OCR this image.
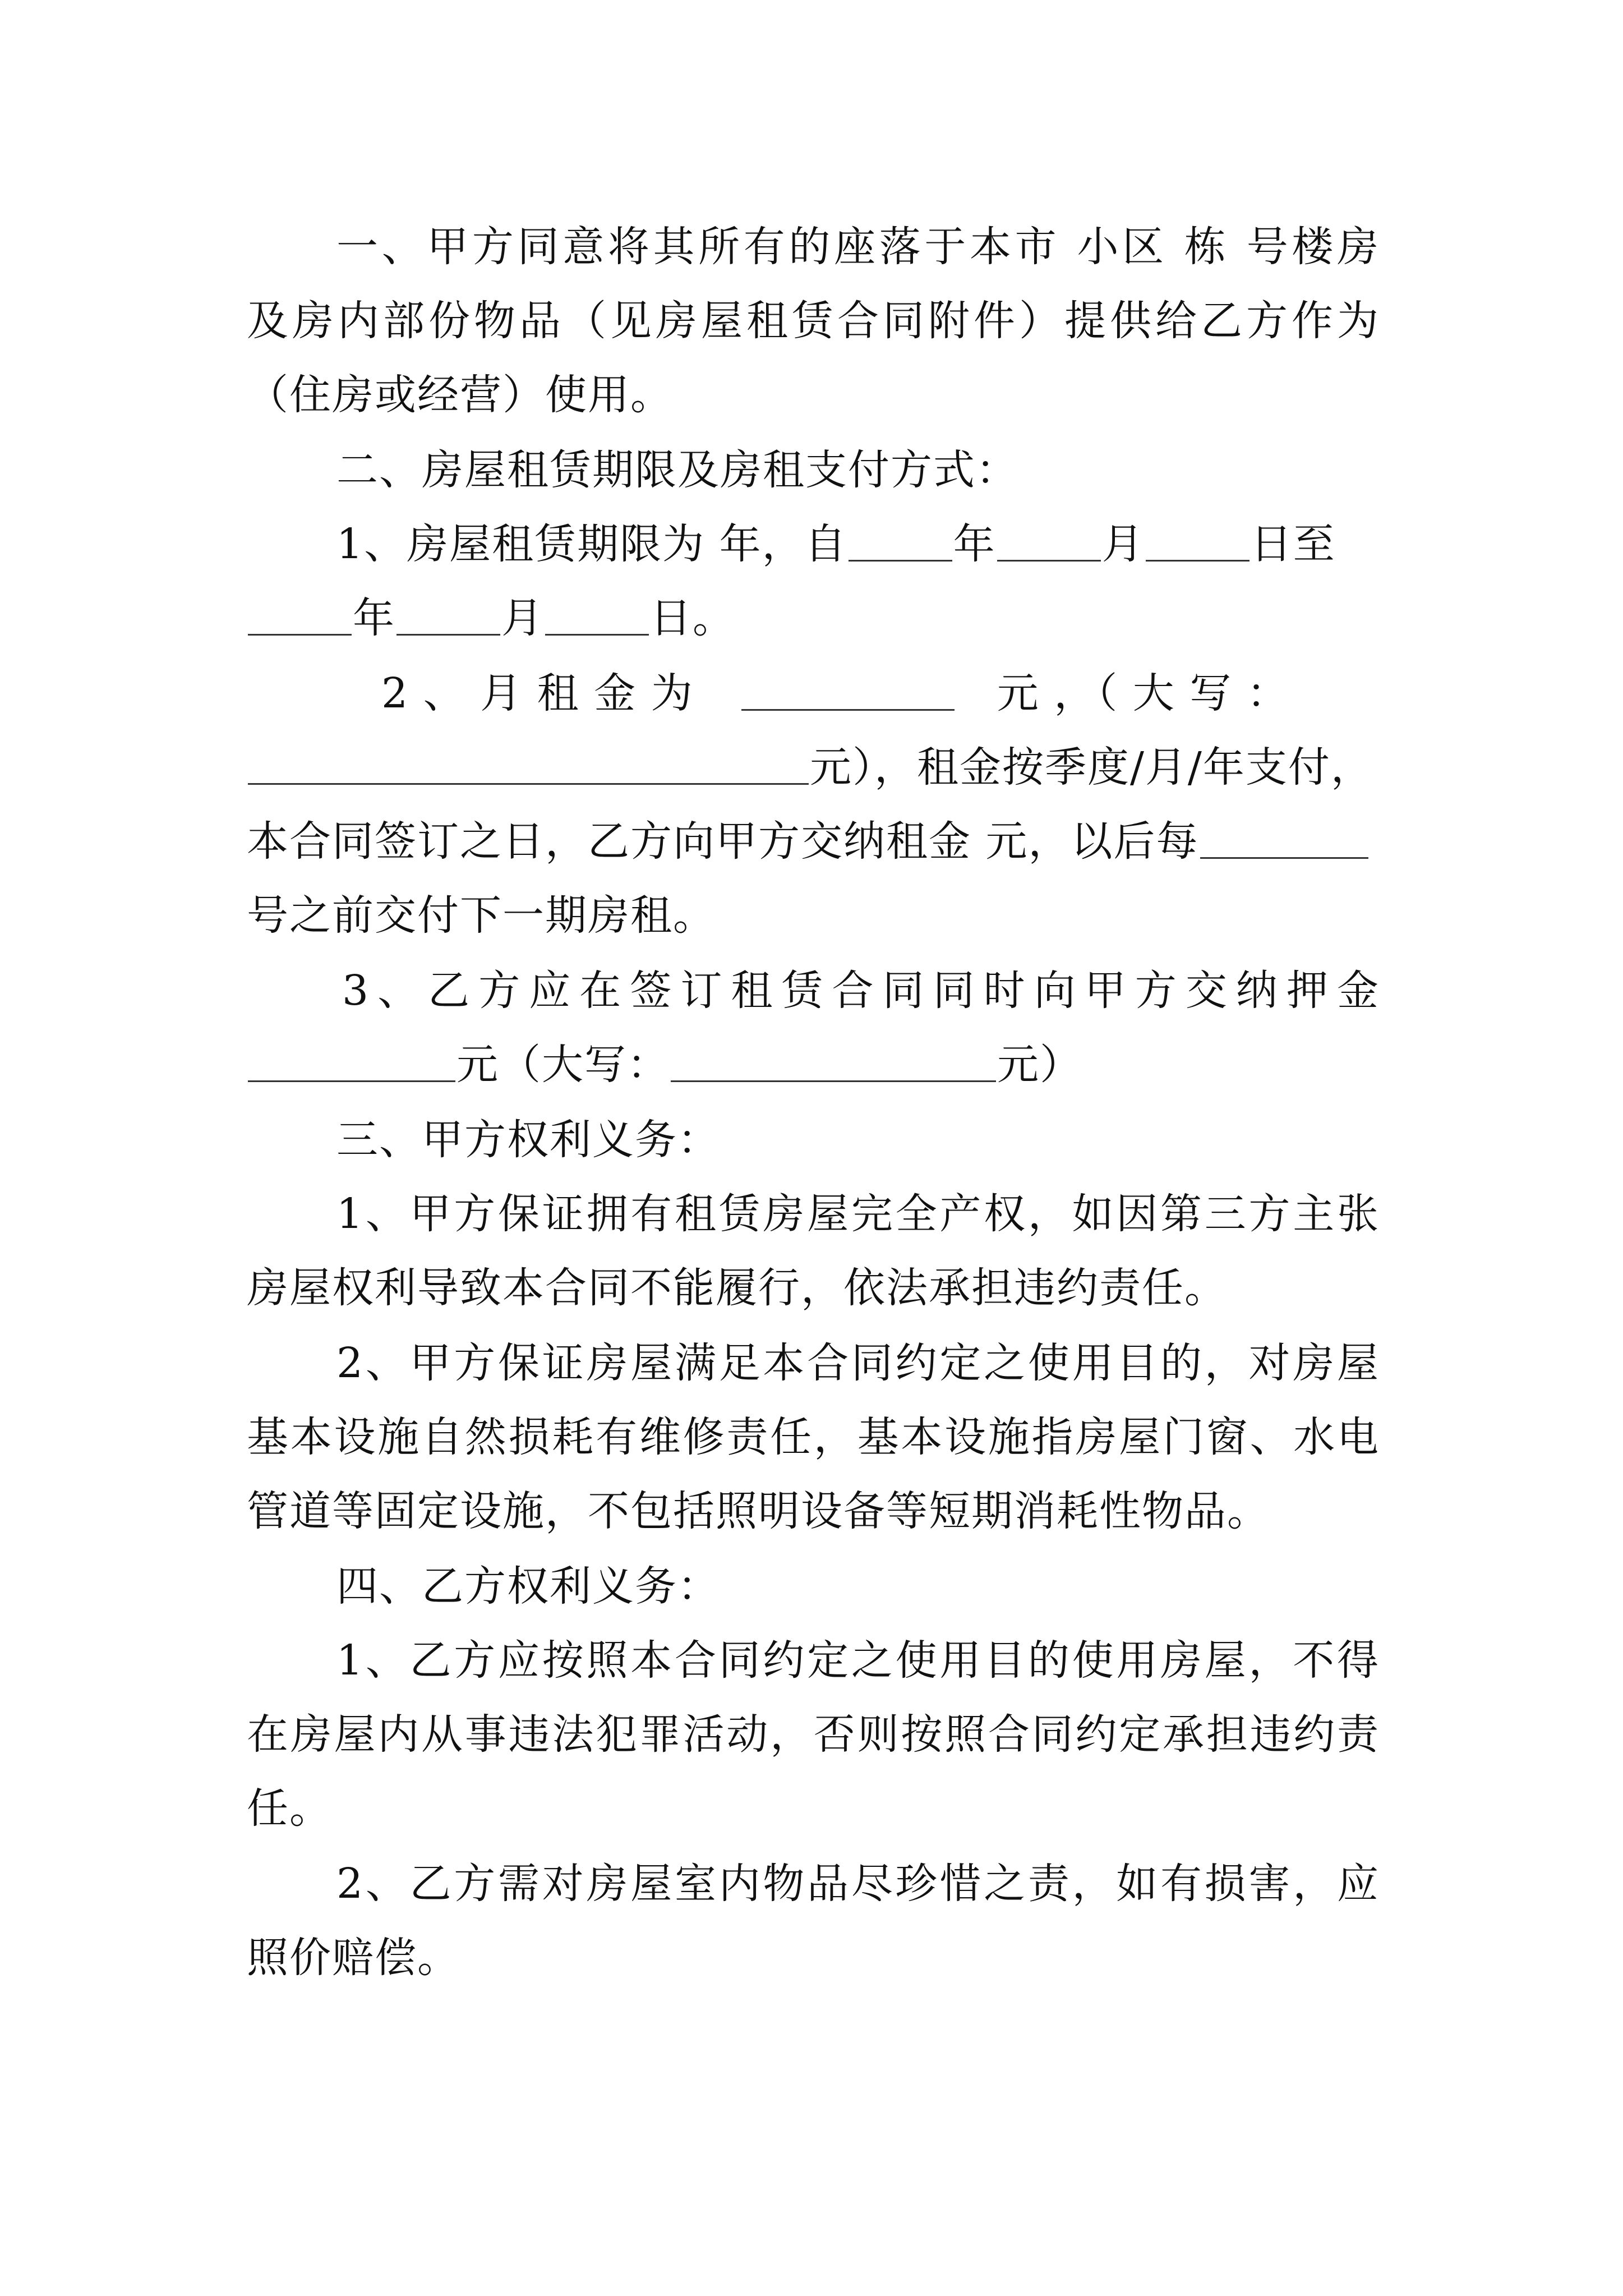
一、甲方同意将其所有的座落于本市 小区 栋 号楼房
及房内部份物品（见房屋租赁合同附件）提供给乙方作为
（住房或经营）使用。
二、房屋租赁期限及房租支付方式：
1、房屋租赁期限为 年，自	年	月	日至
年	月	日。
2 、 月 租 金 为	元 ，（ 大 写 ：
元），租金按季度/月/年支付，
本合同签订之日，乙方向甲方交纳租金 元，以后每
号之前交付下一期房租。
3、乙方应在签订租赁合同同时向甲方交纳押金
元（大写：	元）
三、甲方权利义务：
1、甲方保证拥有租赁房屋完全产权，如因第三方主张
房屋权利导致本合同不能履行，依法承担违约责任。
2、甲方保证房屋满足本合同约定之使用目的，对房屋
基本设施自然损耗有维修责任，基本设施指房屋门窗、水电
管道等固定设施，不包括照明设备等短期消耗性物品。
四、乙方权利义务：
1、乙方应按照本合同约定之使用目的使用房屋，不得
在房屋内从事违法犯罪活动，否则按照合同约定承担违约责
任。
2、乙方需对房屋室内物品尽珍惜之责，如有损害，应
照价赔偿。
